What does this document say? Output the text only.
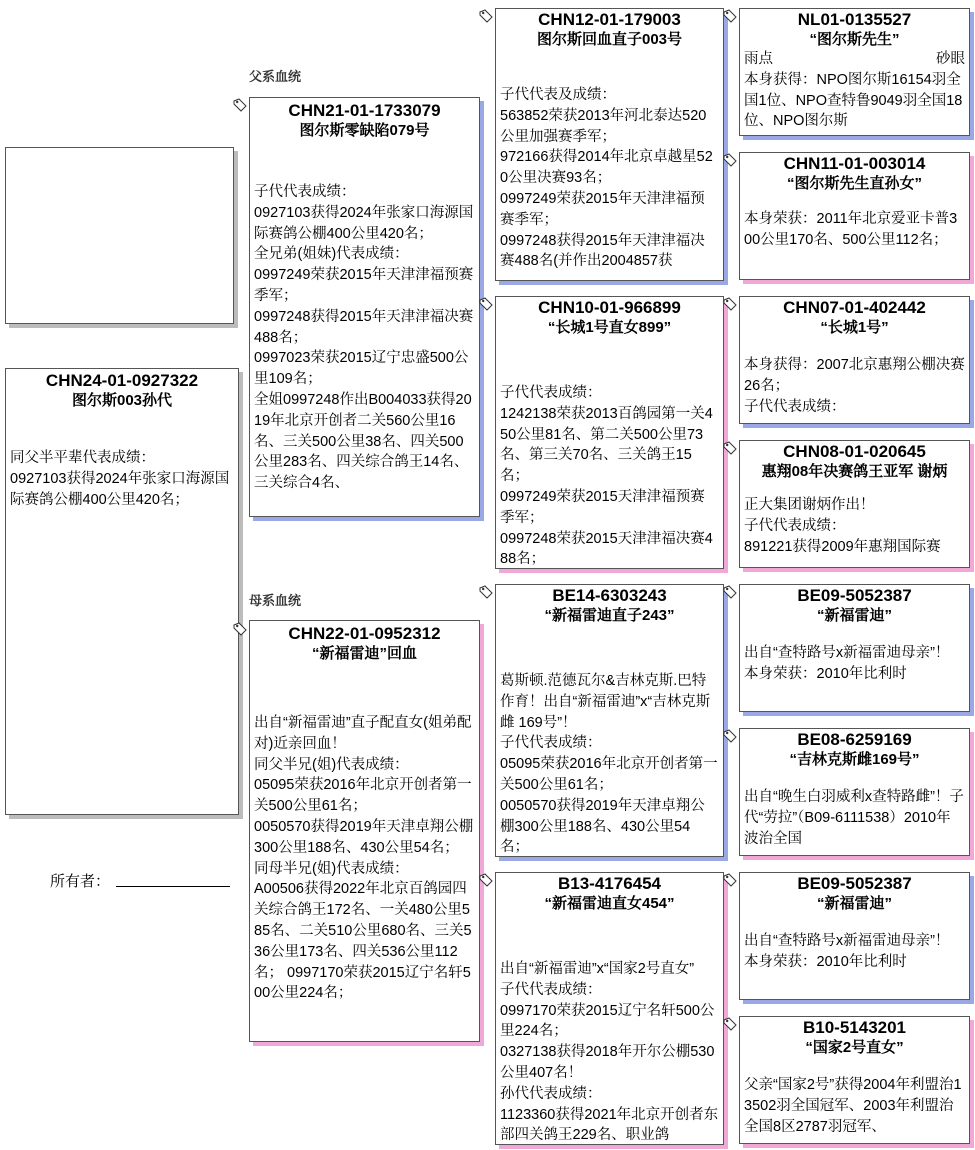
CHN24-01-0927322
图尔斯003孙代
同父半平辈代表成绩：
0927103获得2024年张家口海源国际赛鸽公棚400公里420名；
所有者：
父系血统
母系血统
CHN21-01-1733079
图尔斯零缺陷079号
子代代表成绩：
0927103获得2024年张家口海源国际赛鸽公棚400公里420名；
全兄弟(姐妹)代表成绩：
0997249荣获2015年天津津福预赛季军；
0997248获得2015年天津津福决赛488名；
0997023荣获2015辽宁忠盛500公里109名；
全姐0997248作出B004033获得2019年北京开创者二关560公里16名、三关500公里38名、四关500公里283名、四关综合鸽王14名、三关综合4名、
CHN22-01-0952312
“新福雷迪”回血
出自“新福雷迪”直子配直女(姐弟配对)近亲回血！
同父半兄(姐)代表成绩：
05095荣获2016年北京开创者第一关500公里61名；
0050570获得2019年天津卓翔公棚300公里188名、430公里54名；
同母半兄(姐)代表成绩：
A00506获得2022年北京百鸽园四关综合鸽王172名、一关480公里585名、二关510公里680名、三关536公里173名、四关536公里112名； 0997170荣获2015辽宁名轩500公里224名；
CHN12-01-179003
图尔斯回血直子003号
子代代表及成绩：
563852荣获2013年河北泰达520公里加强赛季军；
972166获得2014年北京卓越星520公里决赛93名；
0997249荣获2015年天津津福预赛季军；
0997248获得2015年天津津福决赛488名(并作出2004857获
CHN10-01-966899
“长城1号直女899”
子代代表成绩：
1242138荣获2013百鸽园第一关450公里81名、第二关500公里73名、第三关70名、三关鸽王15名；
0997249荣获2015天津津福预赛季军；
0997248荣获2015天津津福决赛488名；
BE14-6303243
“新福雷迪直子243”
葛斯顿.范德瓦尔&吉林克斯.巴特作育！出自“新福雷迪”x“吉林克斯雌 169号”！
子代代表成绩：
05095荣获2016年北京开创者第一关500公里61名；
0050570获得2019年天津卓翔公棚300公里188名、430公里54名；
B13-4176454
“新福雷迪直女454”
出自“新福雷迪”x“国家2号直女”
子代代表成绩：
0997170荣获2015辽宁名轩500公里224名；
0327138获得2018年开尔公棚530公里407名！
孙代代表成绩：
1123360获得2021年北京开创者东部四关鸽王229名、职业鸽
NL01-0135527
“图尔斯先生”
雨点	砂眼
本身获得：NPO图尔斯16154羽全国1位、NPO查特鲁9049羽全国18位、NPO图尔斯
CHN11-01-003014
“图尔斯先生直孙女”
本身荣获：2011年北京爱亚卡普300公里170名、500公里112名；
CHN07-01-402442
“长城1号”
本身获得：2007北京惠翔公棚决赛26名；
子代代表成绩：
CHN08-01-020645
惠翔08年决赛鸽王亚军 谢炳
正大集团谢炳作出！
子代代表成绩：
891221获得2009年惠翔国际赛
BE09-5052387
“新福雷迪”
出自“查特路号x新福雷迪母亲”！
本身荣获：2010年比利时
BE08-6259169
“吉林克斯雌169号”
出自“晚生白羽威利x查特路雌”！子代“劳拉”（B09-6111538）2010年波治全国
BE09-5052387
“新福雷迪”
出自“查特路号x新福雷迪母亲”！
本身荣获：2010年比利时
B10-5143201
“国家2号直女”
父亲“国家2号”获得2004年利盟治13502羽全国冠军、2003年利盟治全国8区2787羽冠军、
